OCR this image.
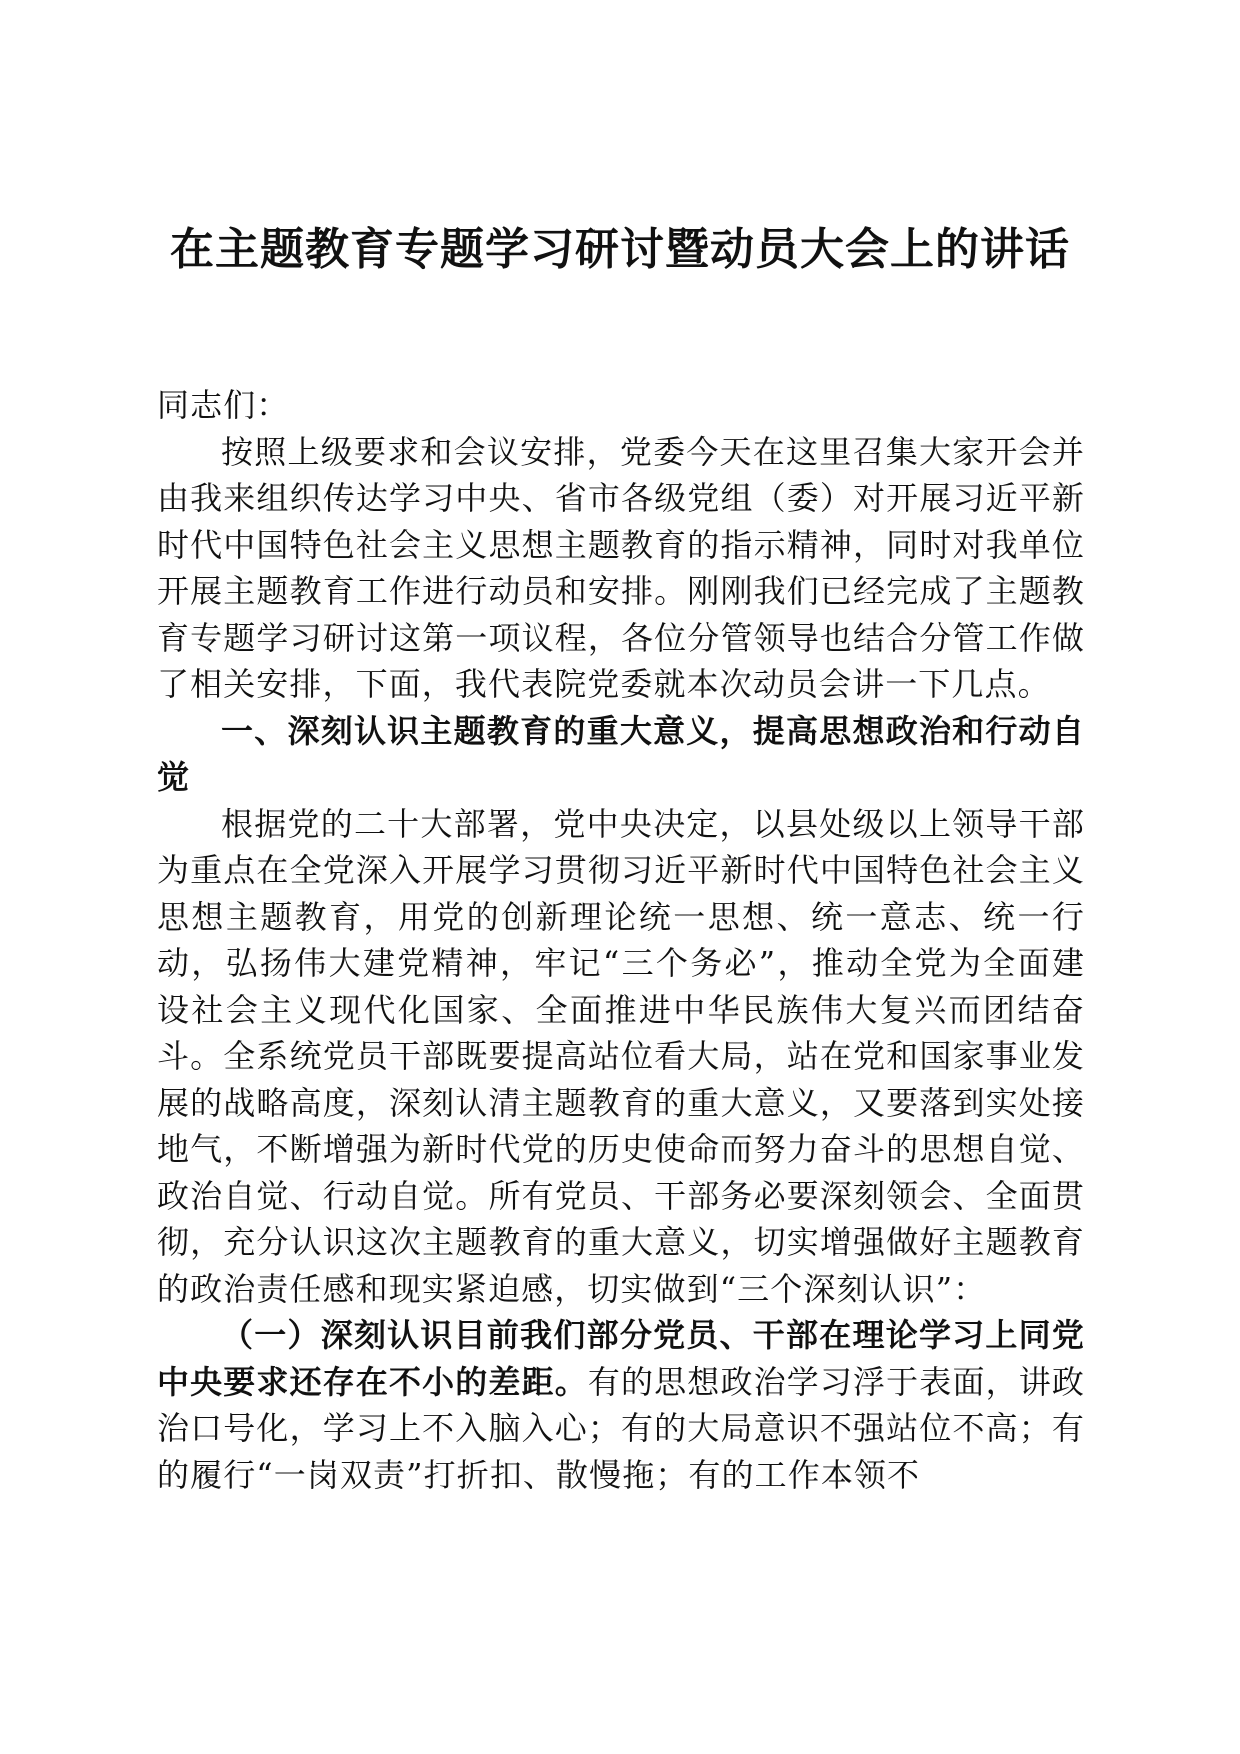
在主题教育专题学习研讨暨动员大会上的讲话

同志们：

按照上级要求和会议安排，党委今天在这里召集大家开会并由我来组织传达学习中央、省市各级党组（委）对开展习近平新时代中国特色社会主义思想主题教育的指示精神，同时对我单位开展主题教育工作进行动员和安排。刚刚我们已经完成了主题教育专题学习研讨这第一项议程，各位分管领导也结合分管工作做了相关安排，下面，我代表院党委就本次动员会讲一下几点。

一、深刻认识主题教育的重大意义，提高思想政治和行动自觉

根据党的二十大部署，党中央决定，以县处级以上领导干部为重点在全党深入开展学习贯彻习近平新时代中国特色社会主义思想主题教育，用党的创新理论统一思想、统一意志、统一行动，弘扬伟大建党精神，牢记“三个务必”，推动全党为全面建设社会主义现代化国家、全面推进中华民族伟大复兴而团结奋斗。全系统党员干部既要提高站位看大局，站在党和国家事业发展的战略高度，深刻认清主题教育的重大意义，又要落到实处接地气，不断增强为新时代党的历史使命而努力奋斗的思想自觉、政治自觉、行动自觉。所有党员、干部务必要深刻领会、全面贯彻，充分认识这次主题教育的重大意义，切实增强做好主题教育的政治责任感和现实紧迫感，切实做到“三个深刻认识”：

（一）深刻认识目前我们部分党员、干部在理论学习上同党中央要求还存在不小的差距。有的思想政治学习浮于表面，讲政治口号化，学习上不入脑入心；有的大局意识不强站位不高；有的履行“一岗双责”打折扣、散慢拖；有的工作本领不
